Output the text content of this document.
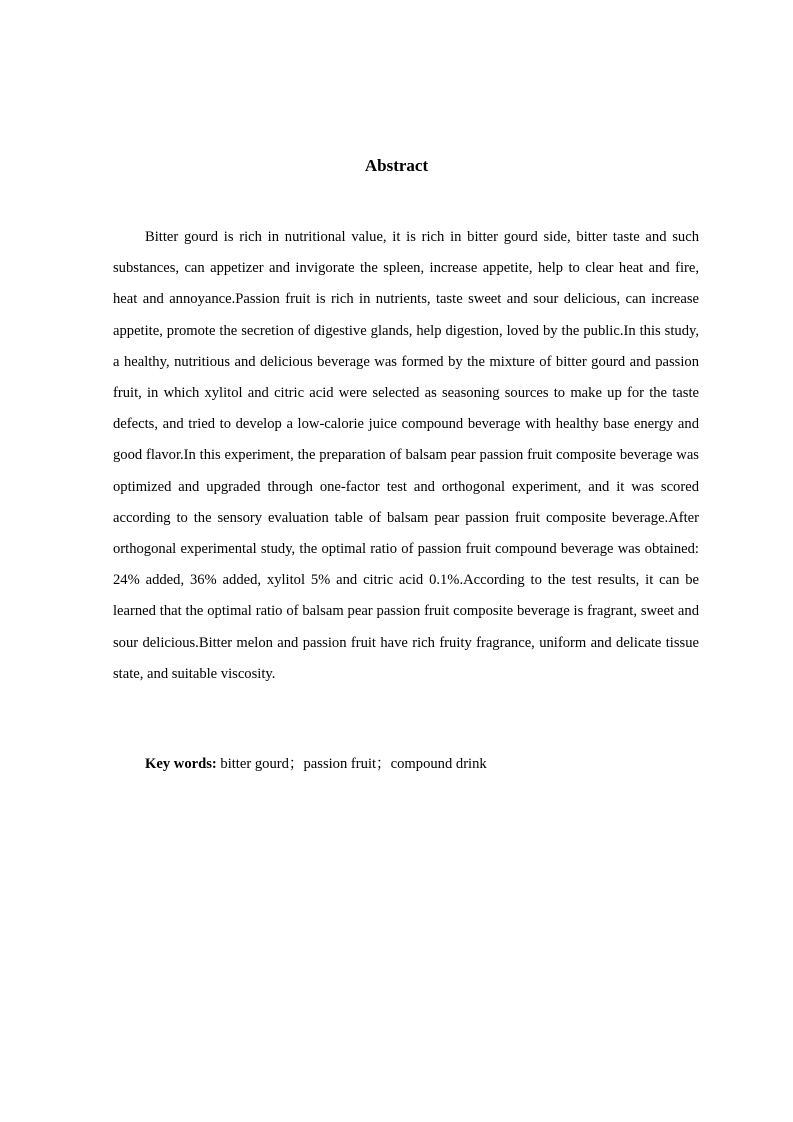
Abstract

Bitter gourd is rich in nutritional value, it is rich in bitter gourd side, bitter taste and such substances, can appetizer and invigorate the spleen, increase appetite, help to clear heat and fire, heat and annoyance.Passion fruit is rich in nutrients, taste sweet and sour delicious, can increase appetite, promote the secretion of digestive glands, help digestion, loved by the public.In this study, a healthy, nutritious and delicious beverage was formed by the mixture of bitter gourd and passion fruit, in which xylitol and citric acid were selected as seasoning sources to make up for the taste defects, and tried to develop a low-calorie juice compound beverage with healthy base energy and good flavor.In this experiment, the preparation of balsam pear passion fruit composite beverage was optimized and upgraded through one-factor test and orthogonal experiment, and it was scored according to the sensory evaluation table of balsam pear passion fruit composite beverage.After orthogonal experimental study, the optimal ratio of passion fruit compound beverage was obtained: 24% added, 36% added, xylitol 5% and citric acid 0.1%.According to the test results, it can be learned that the optimal ratio of balsam pear passion fruit composite beverage is fragrant, sweet and sour delicious.Bitter melon and passion fruit have rich fruity fragrance, uniform and delicate tissue state, and suitable viscosity.

Key words: bitter gourd；passion fruit；compound drink
